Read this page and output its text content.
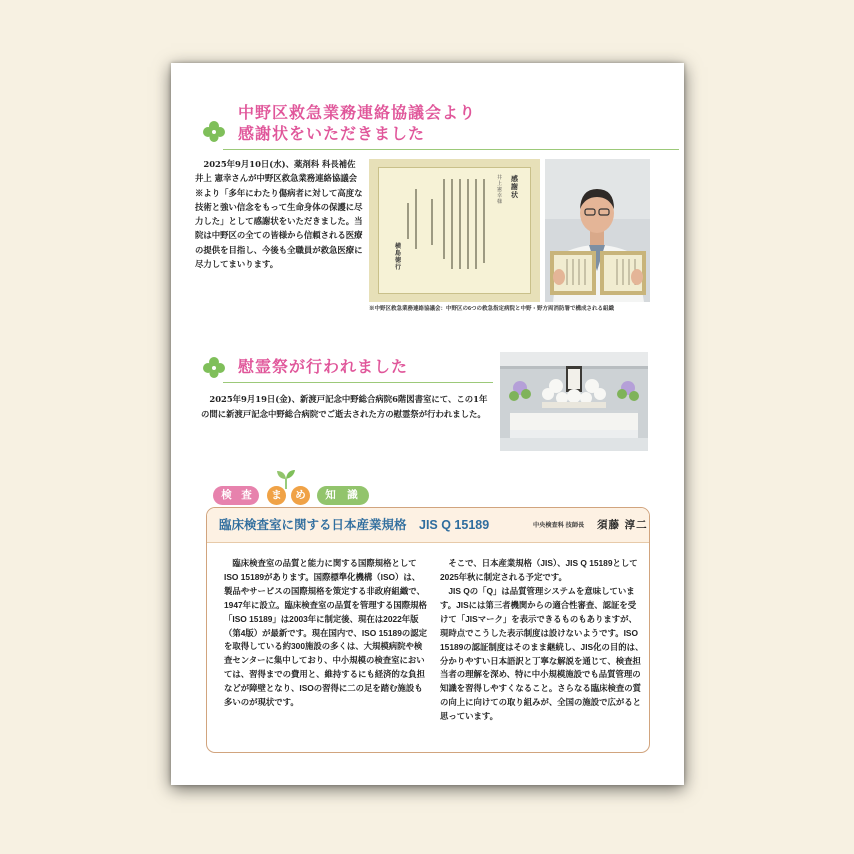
中野区救急業務連絡協議会より
感謝状をいただきました

　2025年9月10日(水)、薬剤科 科長補佐 井上 憲幸さんが中野区救急業務連絡協議会※より「多年にわたり傷病者に対して高度な技術と強い信念をもって生命身体の保護に尽力した」として感謝状をいただきました。当院は中野区の全ての皆様から信頼される医療の提供を目指し、今後も全職員が救急医療に尽力してまいります。

感謝状
井上 憲幸 様
横島 徳行

※中野区救急業務連絡協議会：中野区の6つの救急指定病院と中野・野方両消防署で構成される組織

慰霊祭が行われました

　2025年9月19日(金)、新渡戸記念中野総合病院6階図書室にて、この1年の間に新渡戸記念中野総合病院でご逝去された方の慰霊祭が行われました。

臨床検査室に関する日本産業規格　JIS Q 15189	中央検査科 技師長 須藤 淳二

　臨床検査室の品質と能力に関する国際規格としてISO 15189があります。国際標準化機構（ISO）は、製品やサービスの国際規格を策定する非政府組織で、1947年に設立。臨床検査室の品質を管理する国際規格「ISO 15189」は2003年に制定後、現在は2022年版（第4版）が最新です。現在国内で、ISO 15189の認定を取得している約300施設の多くは、大規模病院や検査センターに集中しており、中小規模の検査室においては、習得までの費用と、維持するにも経済的な負担などが障壁となり、ISOの習得に二の足を踏む施設も多いのが現状です。

　そこで、日本産業規格（JIS）、JIS Q 15189として2025年秋に制定される予定です。

　JIS Qの「Q」は品質管理システムを意味しています。JISには第三者機関からの適合性審査、認証を受けて「JISマーク」を表示できるものもありますが、現時点でこうした表示制度は設けないようです。ISO 15189の認証制度はそのまま継続し、JIS化の目的は、分かりやすい日本語訳と丁寧な解説を通じて、検査担当者の理解を深め、特に中小規模施設でも品質管理の知識を習得しやすくなること。さらなる臨床検査の質の向上に向けての取り組みが、全国の施設で広がると思っています。

検 査	ま	め	知	識
